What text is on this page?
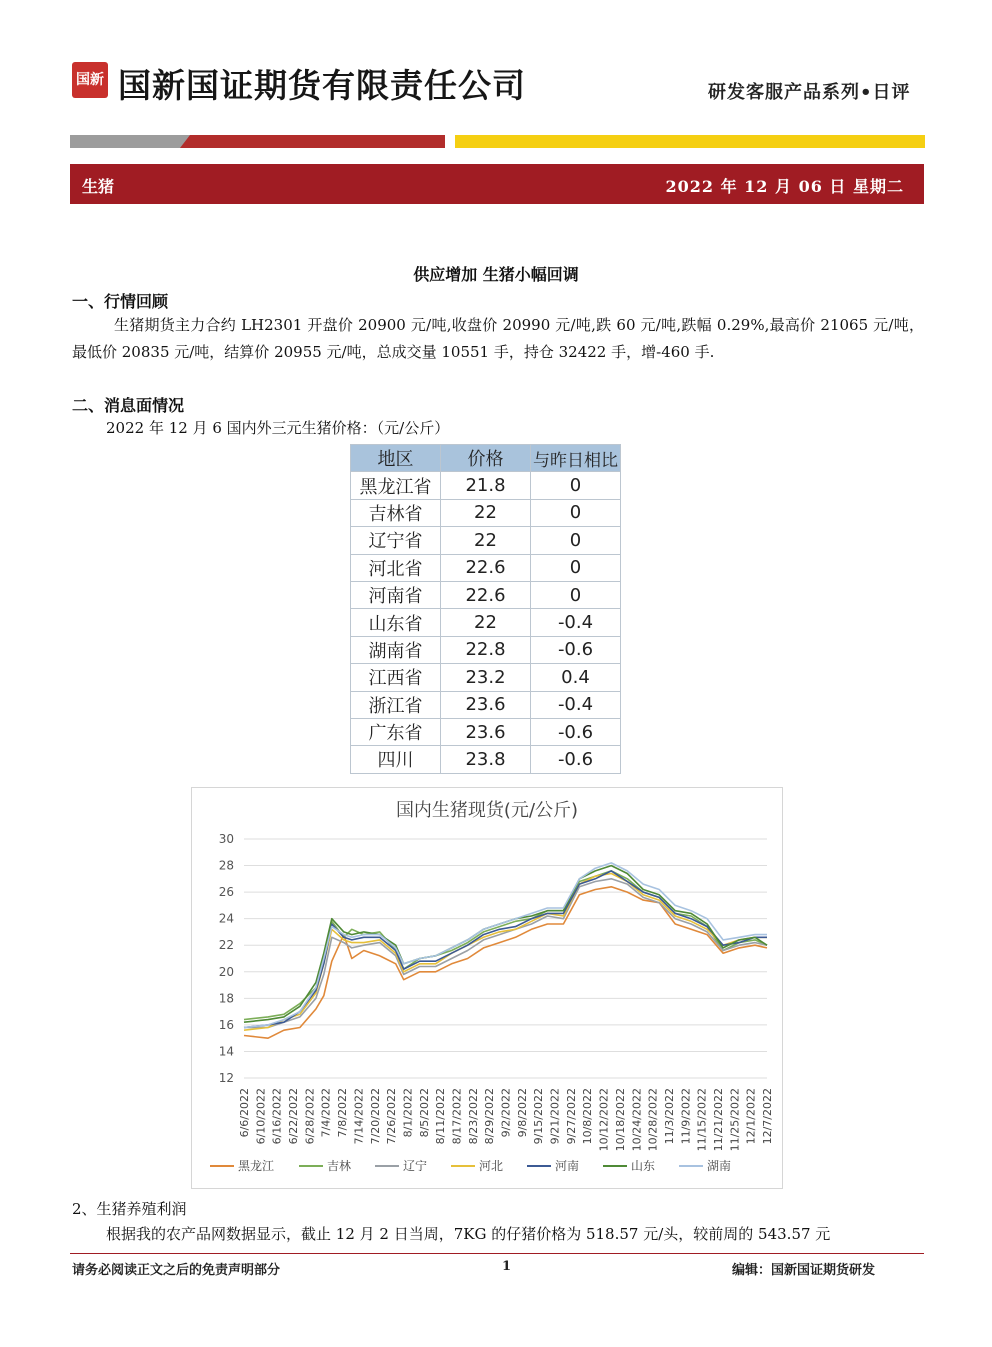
国新 国新国证期货有限责任公司	研发客服产品系列•日评
生猪	2022 年 12 月 06 日 星期二
供应增加 生猪小幅回调
一、行情回顾
生猪期货主力合约 LH2301 开盘价 20900 元/吨,收盘价 20990 元/吨,跌 60 元/吨,跌幅 0.29%,最高价 21065 元/吨，最低价 20835 元/吨，结算价 20955 元/吨，总成交量 10551 手，持仓 32422 手，增-460 手.
二、消息面情况
2022 年 12 月 6 国内外三元生猪价格：（元/公斤）
地区	价格	与昨日相比
黑龙江省	21.8	0
吉林省	22	0
辽宁省	22	0
河北省	22.6	0
河南省	22.6	0
山东省	22	-0.4
湖南省	22.8	-0.6
江西省	23.2	0.4
浙江省	23.6	-0.4
广东省	23.6	-0.6
四川	23.8	-0.6
国内生猪现货(元/公斤)
12
14
16
18
20
22
24
26
28
30
6/6/2022 6/10/2022 6/16/2022 6/22/2022 6/28/2022 7/4/2022 7/8/2022 7/14/2022 7/20/2022 7/26/2022 8/1/2022 8/5/2022 8/11/2022 8/17/2022 8/23/2022 8/29/2022 9/2/2022 9/8/2022 9/15/2022 9/21/2022 9/27/2022 10/8/2022 10/12/2022 10/18/2022 10/24/2022 10/28/2022 11/3/2022 11/9/2022 11/15/2022 11/21/2022 11/25/2022 12/1/2022 12/7/2022
黑龙江	吉林	辽宁	河北	河南	山东	湖南
2、生猪养殖利润
根据我的农产品网数据显示，截止 12 月 2 日当周，7KG 的仔猪价格为 518.57 元/头，较前周的 543.57 元
请务必阅读正文之后的免责声明部分	1	编辑：国新国证期货研发
